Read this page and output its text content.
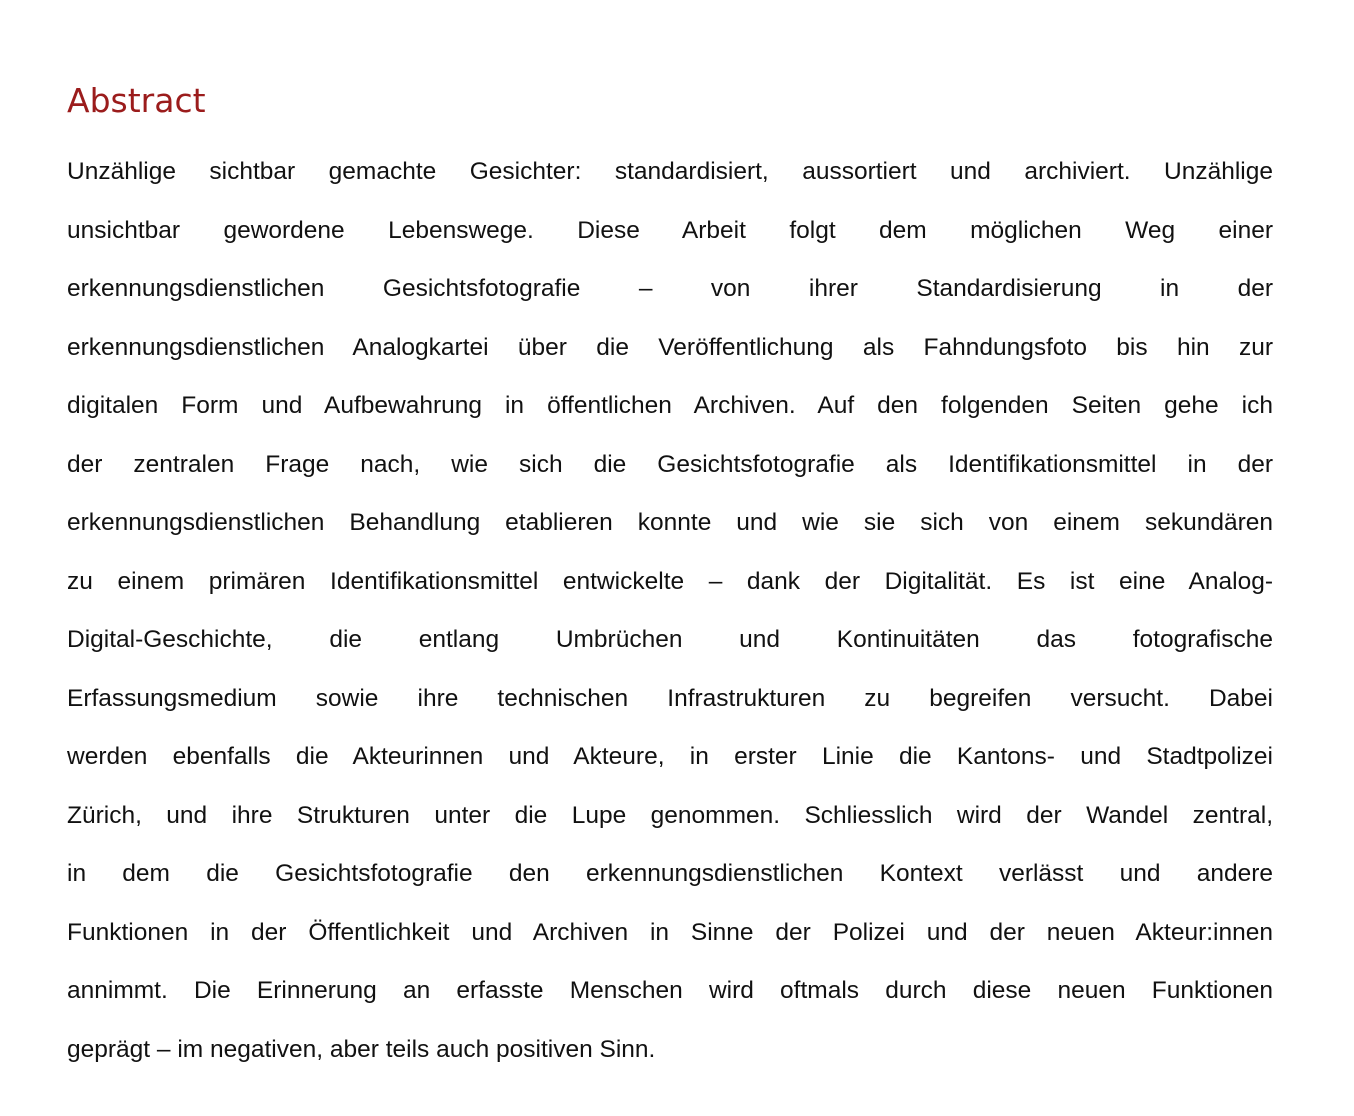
Abstract
Unzählige sichtbar gemachte Gesichter: standardisiert, aussortiert und archiviert. Unzählige
unsichtbar gewordene Lebenswege. Diese Arbeit folgt dem möglichen Weg einer
erkennungsdienstlichen Gesichtsfotografie – von ihrer Standardisierung in der
erkennungsdienstlichen Analogkartei über die Veröffentlichung als Fahndungsfoto bis hin zur
digitalen Form und Aufbewahrung in öffentlichen Archiven. Auf den folgenden Seiten gehe ich
der zentralen Frage nach, wie sich die Gesichtsfotografie als Identifikationsmittel in der
erkennungsdienstlichen Behandlung etablieren konnte und wie sie sich von einem sekundären
zu einem primären Identifikationsmittel entwickelte – dank der Digitalität. Es ist eine Analog-
Digital-Geschichte, die entlang Umbrüchen und Kontinuitäten das fotografische
Erfassungsmedium sowie ihre technischen Infrastrukturen zu begreifen versucht. Dabei
werden ebenfalls die Akteurinnen und Akteure, in erster Linie die Kantons- und Stadtpolizei
Zürich, und ihre Strukturen unter die Lupe genommen. Schliesslich wird der Wandel zentral,
in dem die Gesichtsfotografie den erkennungsdienstlichen Kontext verlässt und andere
Funktionen in der Öffentlichkeit und Archiven in Sinne der Polizei und der neuen Akteur:innen
annimmt. Die Erinnerung an erfasste Menschen wird oftmals durch diese neuen Funktionen
geprägt – im negativen, aber teils auch positiven Sinn.
